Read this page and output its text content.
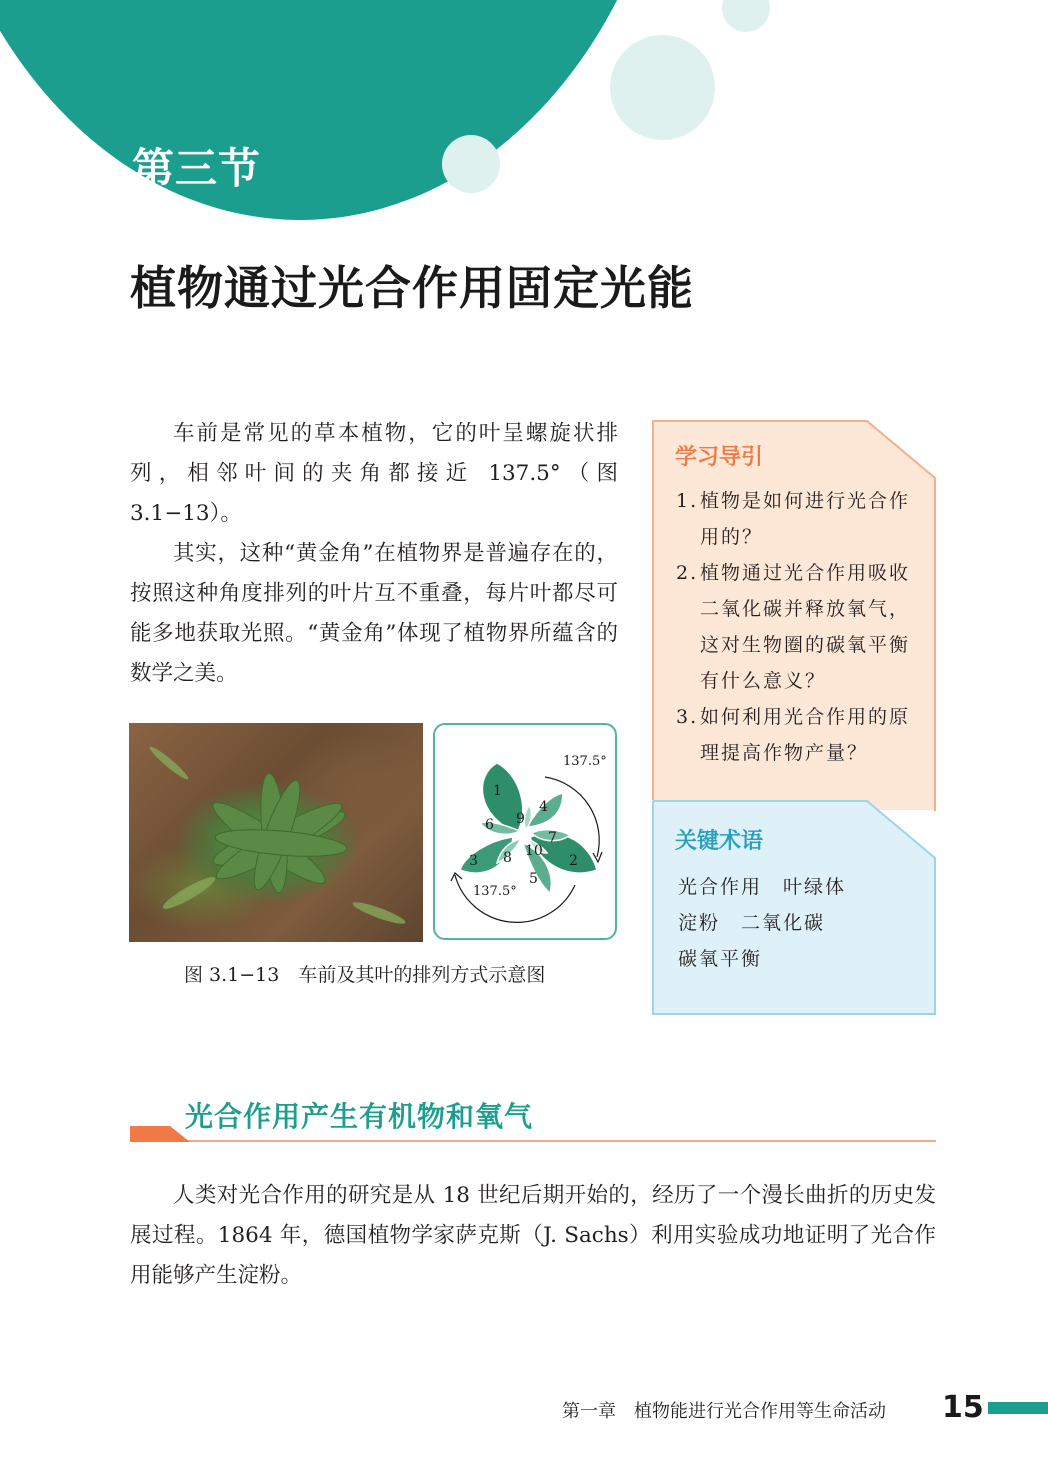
第三节
植物通过光合作用固定光能

车前是常见的草本植物，它的叶呈螺旋状排列，相邻叶间的夹角都接近 137.5°（图 3.1−13）。

其实，这种“黄金角”在植物界是普遍存在的，按照这种角度排列的叶片互不重叠，每片叶都尽可能多地获取光照。“黄金角”体现了植物界所蕴含的数学之美。

1
2
3
4
5
6
7
8
9
10
137.5°
137.5°
图 3.1−13　车前及其叶的排列方式示意图
学习导引
1. 植物是如何进行光合作用的？
2. 植物通过光合作用吸收二氧化碳并释放氧气，这对生物圈的碳氧平衡有什么意义？
3. 如何利用光合作用的原理提高作物产量？
关键术语
光合作用　叶绿体
淀粉　二氧化碳
碳氧平衡
光合作用产生有机物和氧气

人类对光合作用的研究是从 18 世纪后期开始的，经历了一个漫长曲折的历史发展过程。1864 年，德国植物学家萨克斯（J. Sachs）利用实验成功地证明了光合作用能够产生淀粉。

第一章　植物能进行光合作用等生命活动 15
